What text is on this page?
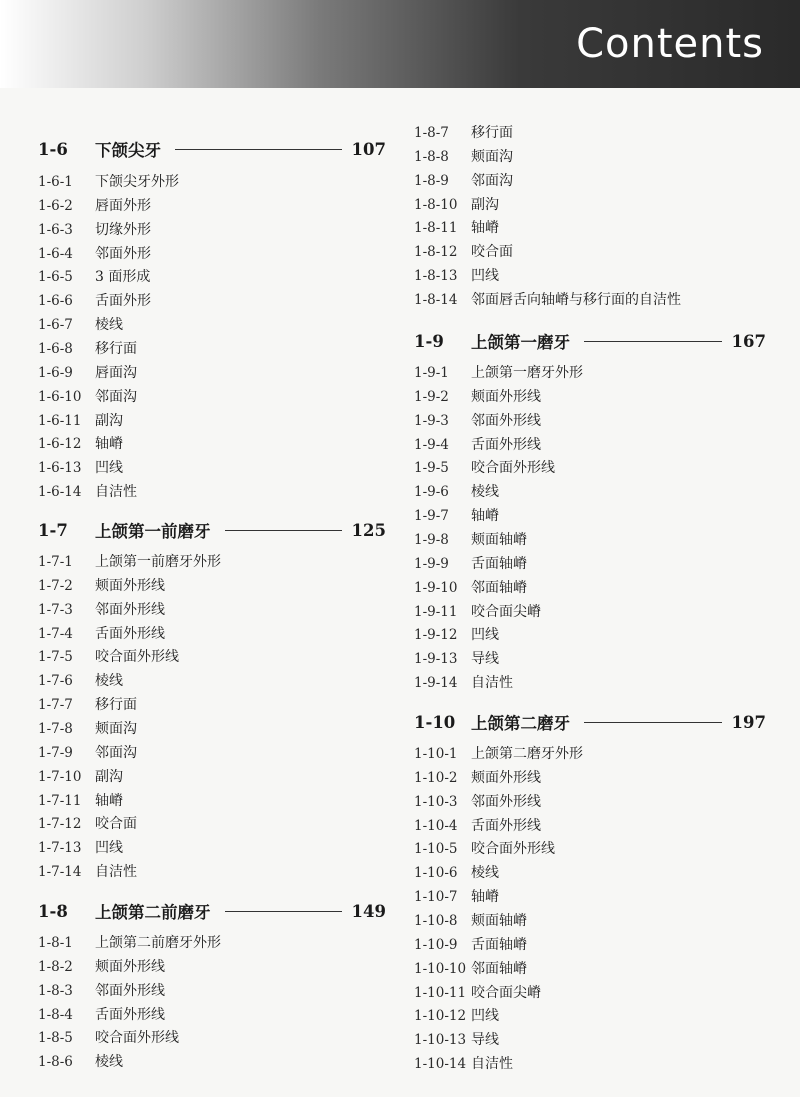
Contents
1-6	下颌尖牙	107
1-6-1	下颌尖牙外形
1-6-2	唇面外形
1-6-3	切缘外形
1-6-4	邻面外形
1-6-5	3 面形成
1-6-6	舌面外形
1-6-7	棱线
1-6-8	移行面
1-6-9	唇面沟
1-6-10 邻面沟
1-6-11 副沟
1-6-12 轴嵴
1-6-13 凹线
1-6-14 自洁性
1-7	上颌第一前磨牙	125
1-7-1	上颌第一前磨牙外形
1-7-2	颊面外形线
1-7-3	邻面外形线
1-7-4	舌面外形线
1-7-5	咬合面外形线
1-7-6	棱线
1-7-7	移行面
1-7-8	颊面沟
1-7-9	邻面沟
1-7-10 副沟
1-7-11 轴嵴
1-7-12 咬合面
1-7-13 凹线
1-7-14 自洁性
1-8	上颌第二前磨牙	149
1-8-1	上颌第二前磨牙外形
1-8-2	颊面外形线
1-8-3	邻面外形线
1-8-4	舌面外形线
1-8-5	咬合面外形线
1-8-6	棱线
1-8-7	移行面
1-8-8	颊面沟
1-8-9	邻面沟
1-8-10 副沟
1-8-11 轴嵴
1-8-12 咬合面
1-8-13 凹线
1-8-14 邻面唇舌向轴嵴与移行面的自洁性
1-9	上颌第一磨牙	167
1-9-1	上颌第一磨牙外形
1-9-2	颊面外形线
1-9-3	邻面外形线
1-9-4	舌面外形线
1-9-5	咬合面外形线
1-9-6	棱线
1-9-7	轴嵴
1-9-8	颊面轴嵴
1-9-9	舌面轴嵴
1-9-10 邻面轴嵴
1-9-11 咬合面尖嵴
1-9-12 凹线
1-9-13 导线
1-9-14 自洁性
1-10 上颌第二磨牙	197
1-10-1 上颌第二磨牙外形
1-10-2 颊面外形线
1-10-3 邻面外形线
1-10-4 舌面外形线
1-10-5 咬合面外形线
1-10-6 棱线
1-10-7 轴嵴
1-10-8 颊面轴嵴
1-10-9 舌面轴嵴
1-10-10 邻面轴嵴
1-10-11 咬合面尖嵴
1-10-12 凹线
1-10-13 导线
1-10-14 自洁性
